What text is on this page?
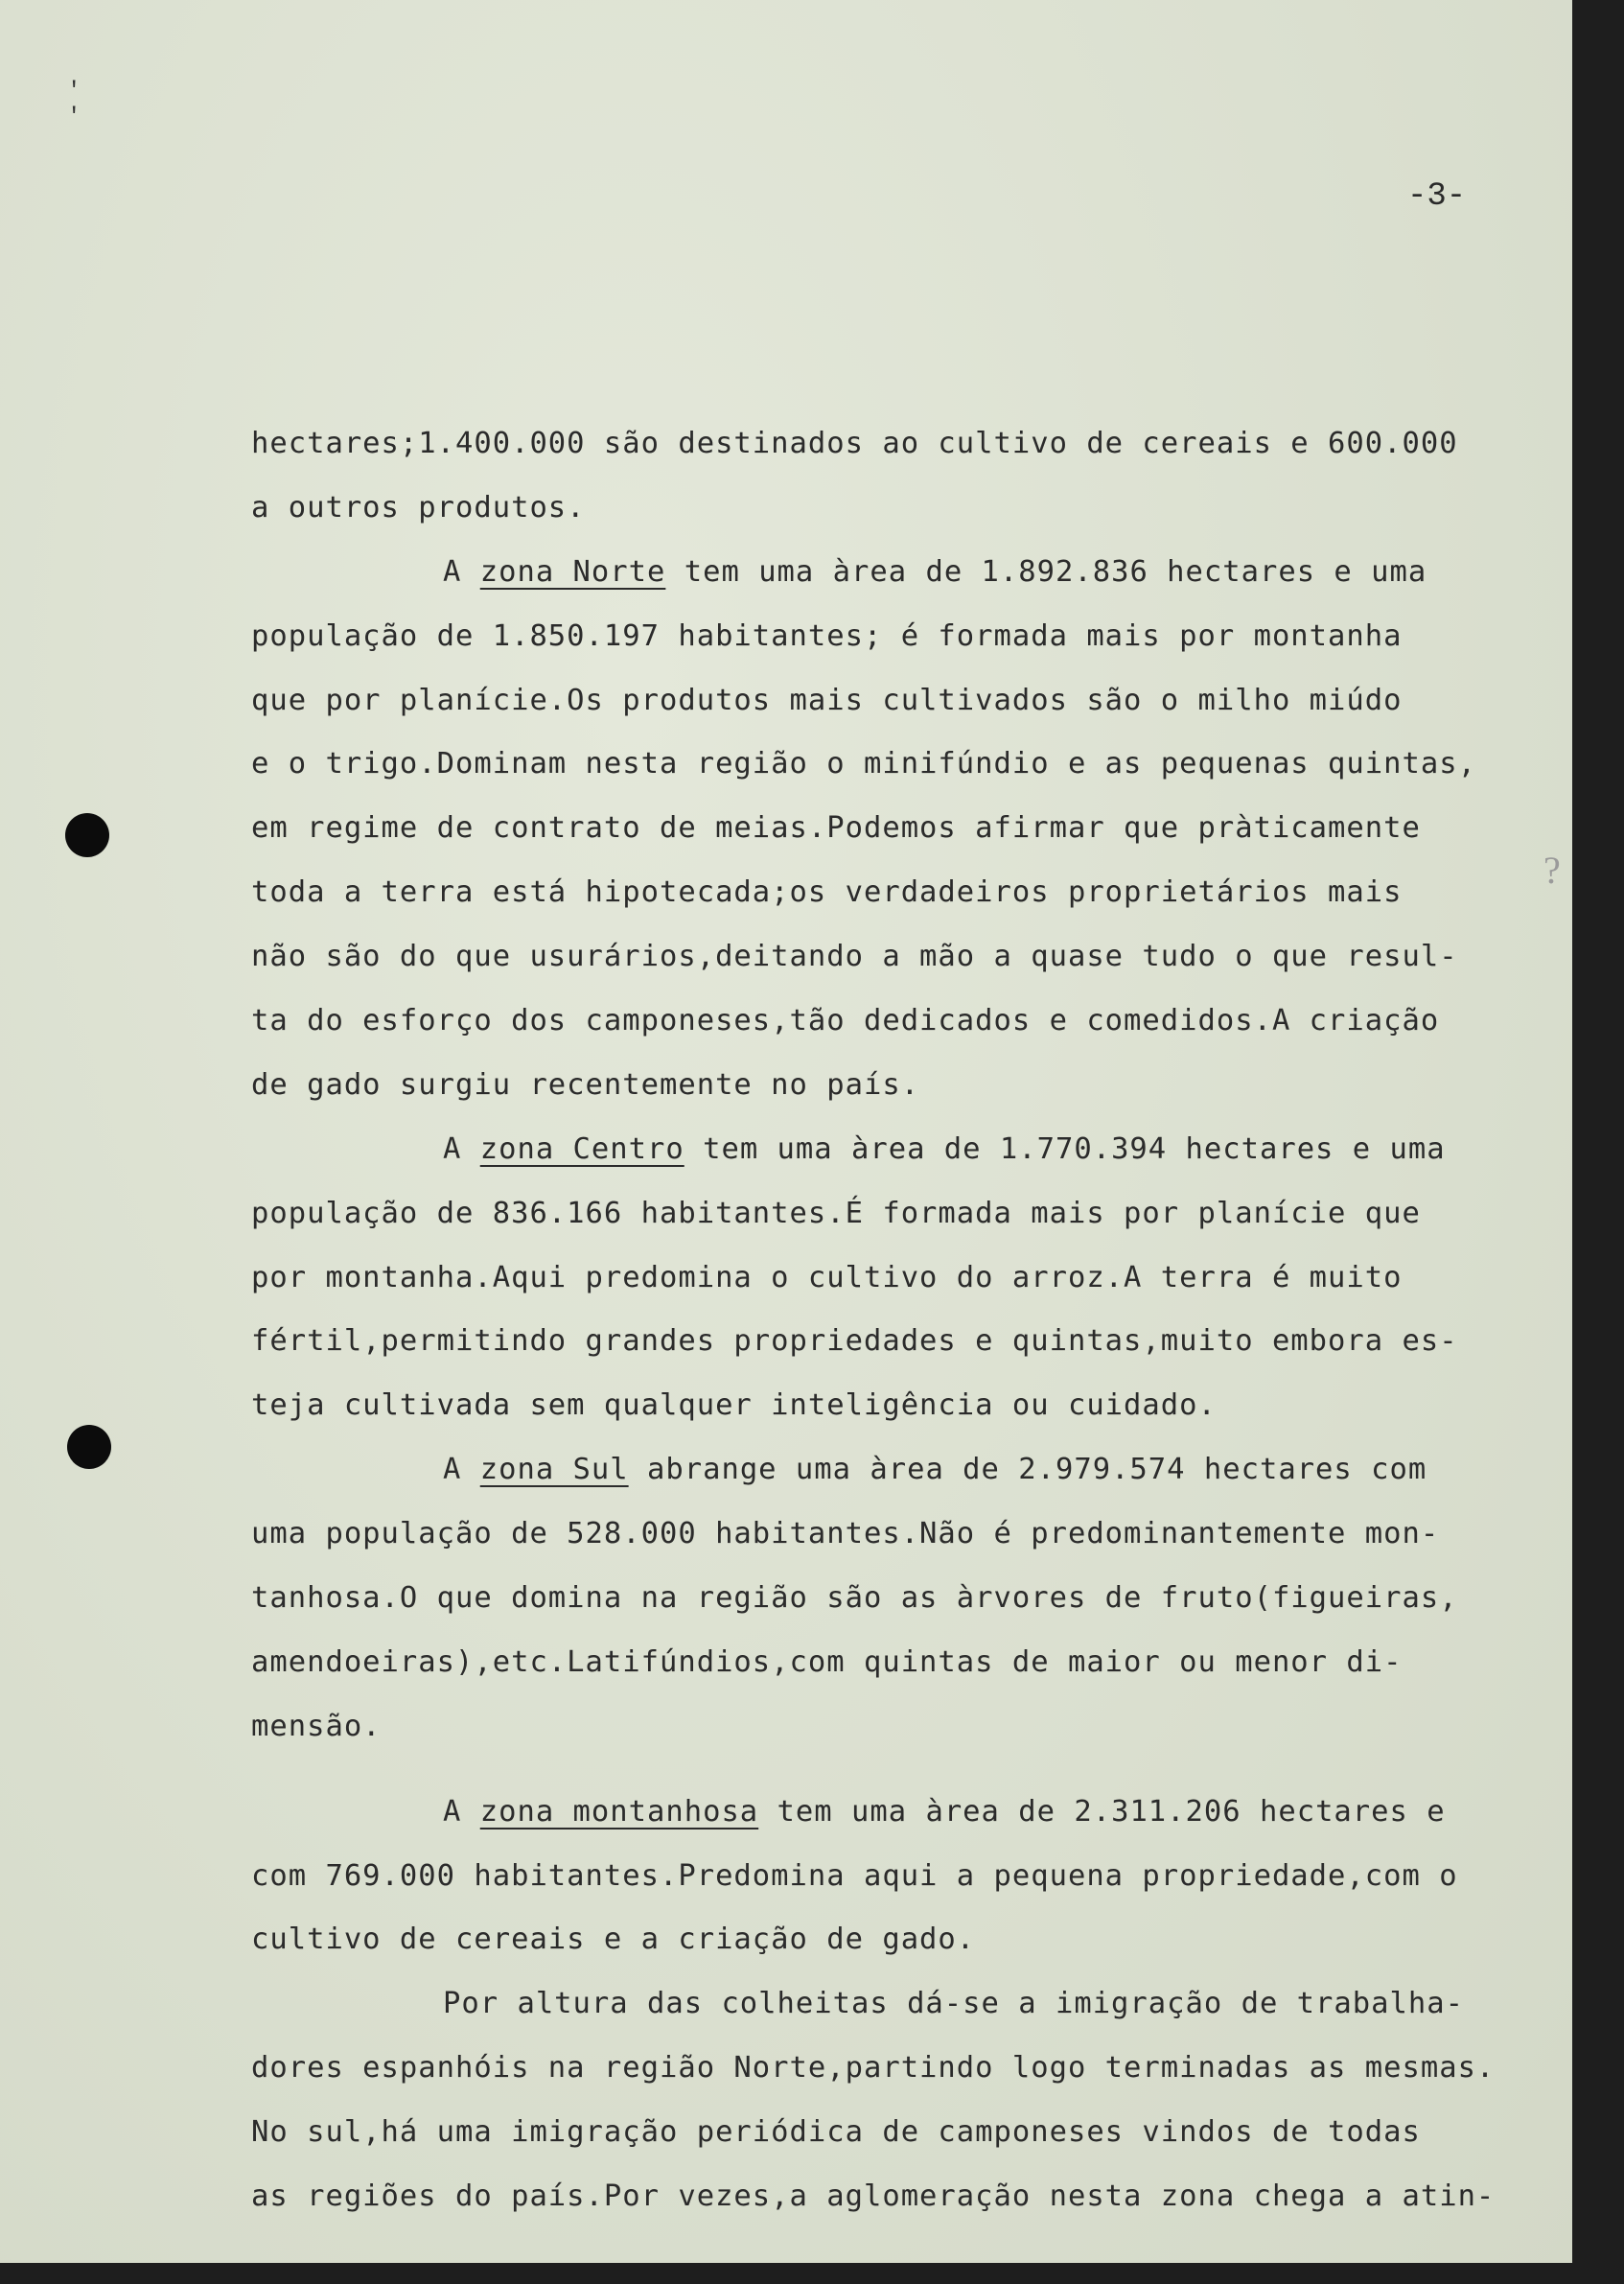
' '
-3-
?
hectares;1.400.000 são destinados ao cultivo de cereais e 600.000
a outros produtos.
A zona Norte tem uma àrea de 1.892.836 hectares e uma
população de 1.850.197 habitantes; é formada mais por montanha
que por planície.Os produtos mais cultivados são o milho miúdo
e o trigo.Dominam nesta região o minifúndio e as pequenas quintas,
em regime de contrato de meias.Podemos afirmar que pràticamente
toda a terra está hipotecada;os verdadeiros proprietários mais
não são do que usurários,deitando a mão a quase tudo o que resul-
ta do esforço dos camponeses,tão dedicados e comedidos.A criação
de gado surgiu recentemente no país.
A zona Centro tem uma àrea de 1.770.394 hectares e uma
população de 836.166 habitantes.É formada mais por planície que
por montanha.Aqui predomina o cultivo do arroz.A terra é muito
fértil,permitindo grandes propriedades e quintas,muito embora es-
teja cultivada sem qualquer inteligência ou cuidado.
A zona Sul abrange uma àrea de 2.979.574 hectares com
uma população de 528.000 habitantes.Não é predominantemente mon-
tanhosa.O que domina na região são as àrvores de fruto(figueiras,
amendoeiras),etc.Latifúndios,com quintas de maior ou menor di-
mensão.
A zona montanhosa tem uma àrea de 2.311.206 hectares e
com 769.000 habitantes.Predomina aqui a pequena propriedade,com o
cultivo de cereais e a criação de gado.
Por altura das colheitas dá-se a imigração de trabalha-
dores espanhóis na região Norte,partindo logo terminadas as mesmas.
No sul,há uma imigração periódica de camponeses vindos de todas
as regiões do país.Por vezes,a aglomeração nesta zona chega a atin-
